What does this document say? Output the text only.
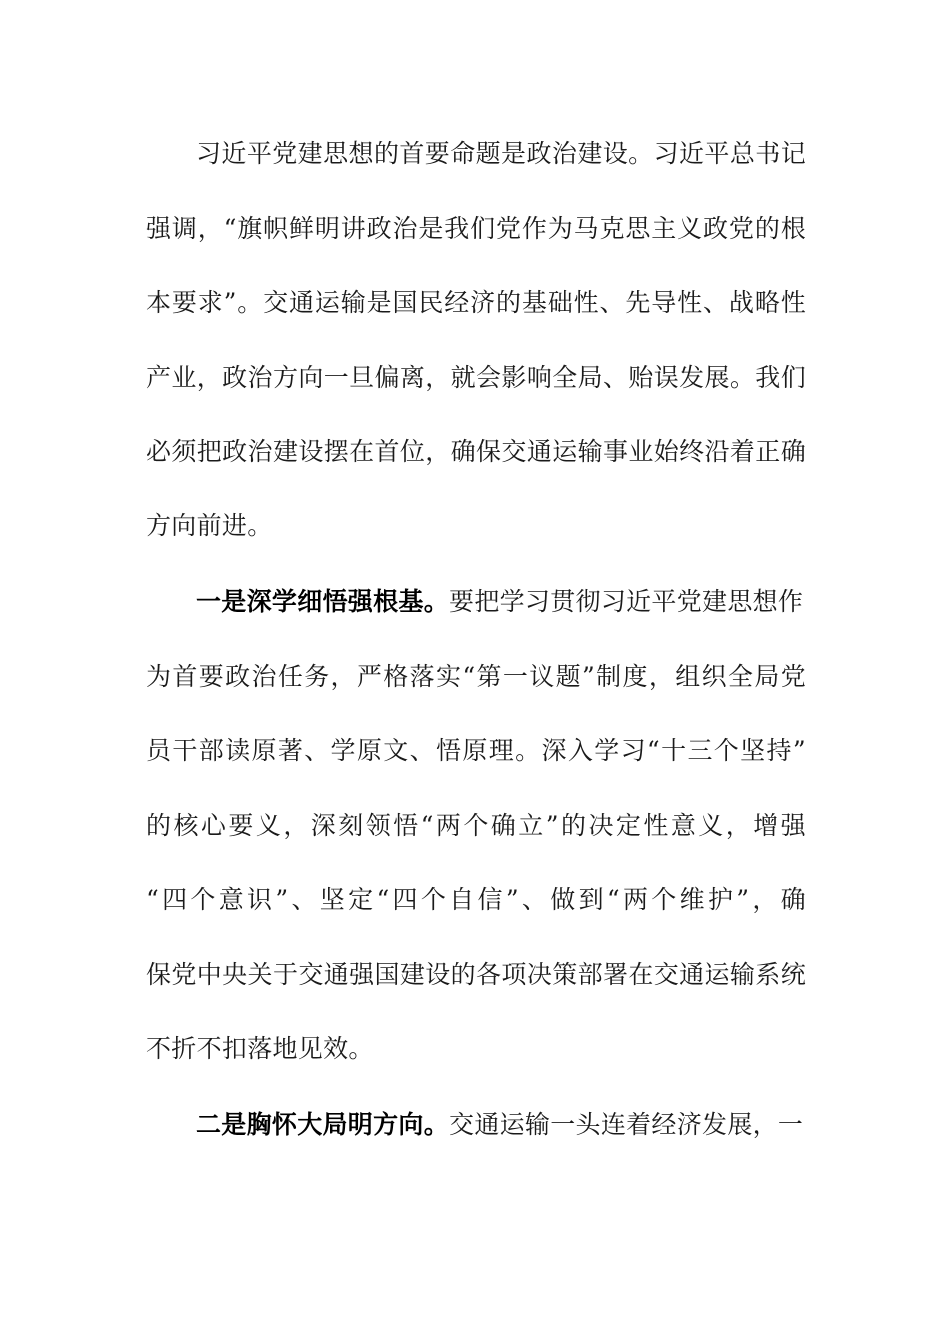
习近平党建思想的首要命题是政治建设。习近平总书记
强调，“旗帜鲜明讲政治是我们党作为马克思主义政党的根
本要求”。交通运输是国民经济的基础性、先导性、战略性
产业，政治方向一旦偏离，就会影响全局、贻误发展。我们
必须把政治建设摆在首位，确保交通运输事业始终沿着正确
方向前进。
一是深学细悟强根基。要把学习贯彻习近平党建思想作
为首要政治任务，严格落实“第一议题”制度，组织全局党
员干部读原著、学原文、悟原理。深入学习“十三个坚持”
的核心要义，深刻领悟“两个确立”的决定性意义，增强
“四个意识”、坚定“四个自信”、做到“两个维护”，确
保党中央关于交通强国建设的各项决策部署在交通运输系统
不折不扣落地见效。
二是胸怀大局明方向。交通运输一头连着经济发展，一
